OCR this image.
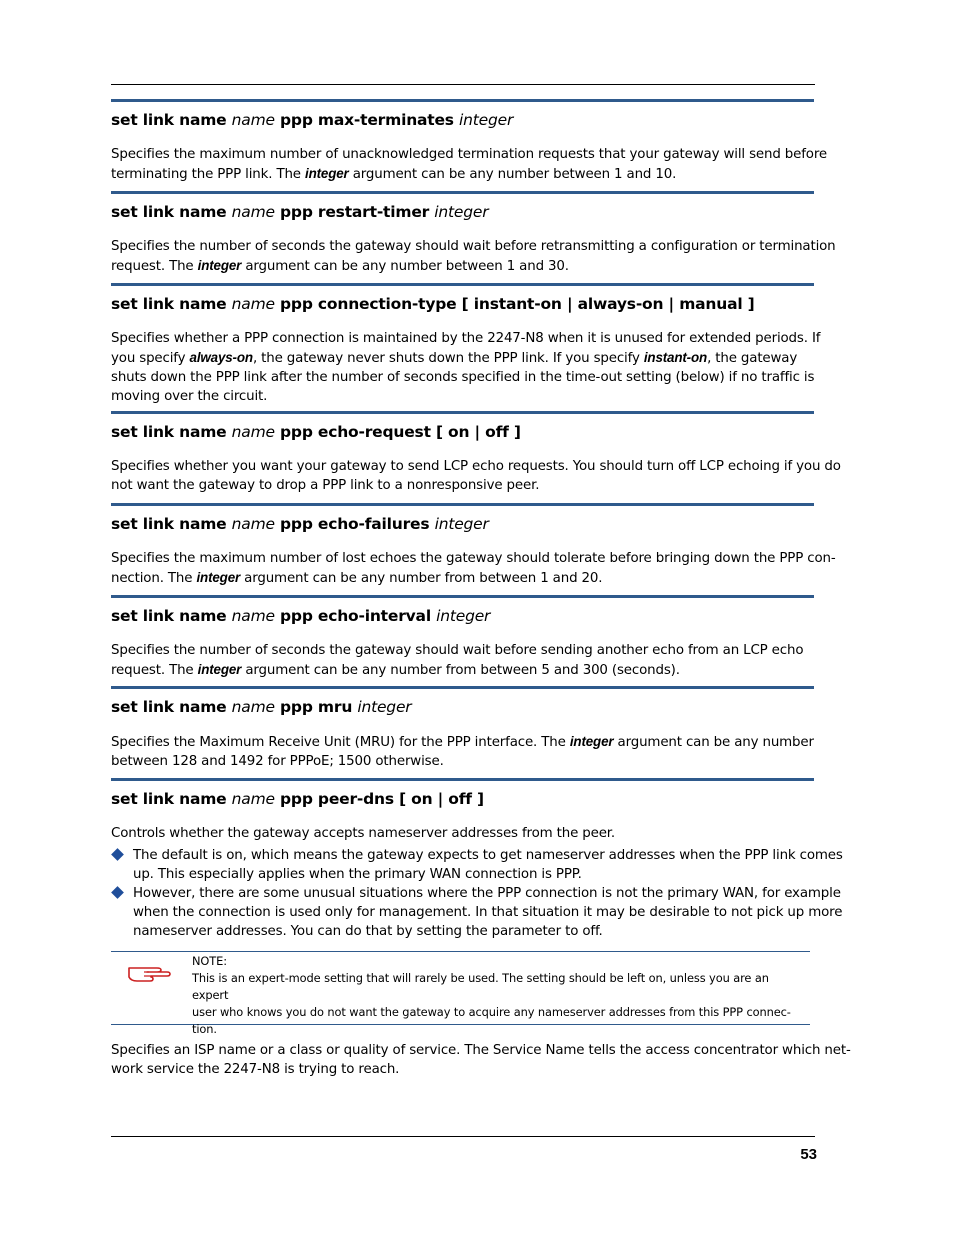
set link name name ppp max-terminates integer
Specifies the maximum number of unacknowledged termination requests that your gateway will send before
terminating the PPP link. The integer argument can be any number between 1 and 10.
set link name name ppp restart-timer integer
Specifies the number of seconds the gateway should wait before retransmitting a configuration or termination
request. The integer argument can be any number between 1 and 30.
set link name name ppp connection-type [ instant-on | always-on | manual ]
Specifies whether a PPP connection is maintained by the 2247-N8 when it is unused for extended periods. If
you specify always-on, the gateway never shuts down the PPP link. If you specify instant-on, the gateway
shuts down the PPP link after the number of seconds specified in the time-out setting (below) if no traffic is
moving over the circuit.
set link name name ppp echo-request [ on | off ]
Specifies whether you want your gateway to send LCP echo requests. You should turn off LCP echoing if you do
not want the gateway to drop a PPP link to a nonresponsive peer.
set link name name ppp echo-failures integer
Specifies the maximum number of lost echoes the gateway should tolerate before bringing down the PPP con-
nection. The integer argument can be any number from between 1 and 20.
set link name name ppp echo-interval integer
Specifies the number of seconds the gateway should wait before sending another echo from an LCP echo
request. The integer argument can be any number from between 5 and 300 (seconds).
set link name name ppp mru integer
Specifies the Maximum Receive Unit (MRU) for the PPP interface. The integer argument can be any number
between 128 and 1492 for PPPoE; 1500 otherwise.
set link name name ppp peer-dns [ on | off ]
Controls whether the gateway accepts nameserver addresses from the peer.
The default is on, which means the gateway expects to get nameserver addresses when the PPP link comes
up. This especially applies when the primary WAN connection is PPP.
However, there are some unusual situations where the PPP connection is not the primary WAN, for example
when the connection is used only for management. In that situation it may be desirable to not pick up more
nameserver addresses. You can do that by setting the parameter to off.
NOTE:
This is an expert-mode setting that will rarely be used. The setting should be left on, unless you are an expert
user who knows you do not want the gateway to acquire any nameserver addresses from this PPP connec-
tion.
Specifies an ISP name or a class or quality of service. The Service Name tells the access concentrator which net-
work service the 2247-N8 is trying to reach.
53
